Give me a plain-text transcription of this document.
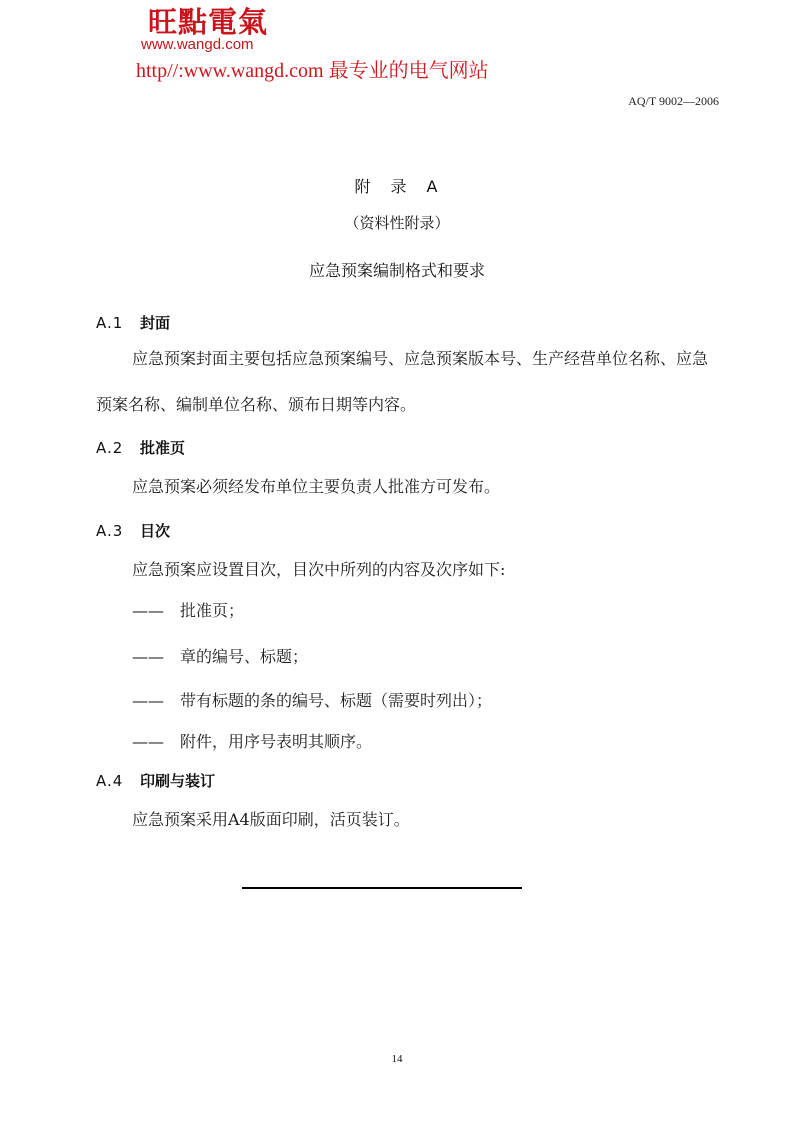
旺點電氣
www.wangd.com
http//:www.wangd.com 最专业的电气网站
AQ/T 9002—2006
附 录 A
（资料性附录）
应急预案编制格式和要求
A.1 封面
应急预案封面主要包括应急预案编号、应急预案版本号、生产经营单位名称、应急预案名称、编制单位名称、颁布日期等内容。
A.2 批准页
应急预案必须经发布单位主要负责人批准方可发布。
A.3 目次
应急预案应设置目次，目次中所列的内容及次序如下:
—— 批准页；
—— 章的编号、标题；
—— 带有标题的条的编号、标题（需要时列出）；
—— 附件，用序号表明其顺序。
A.4 印刷与装订
应急预案采用A4版面印刷，活页装订。
14
